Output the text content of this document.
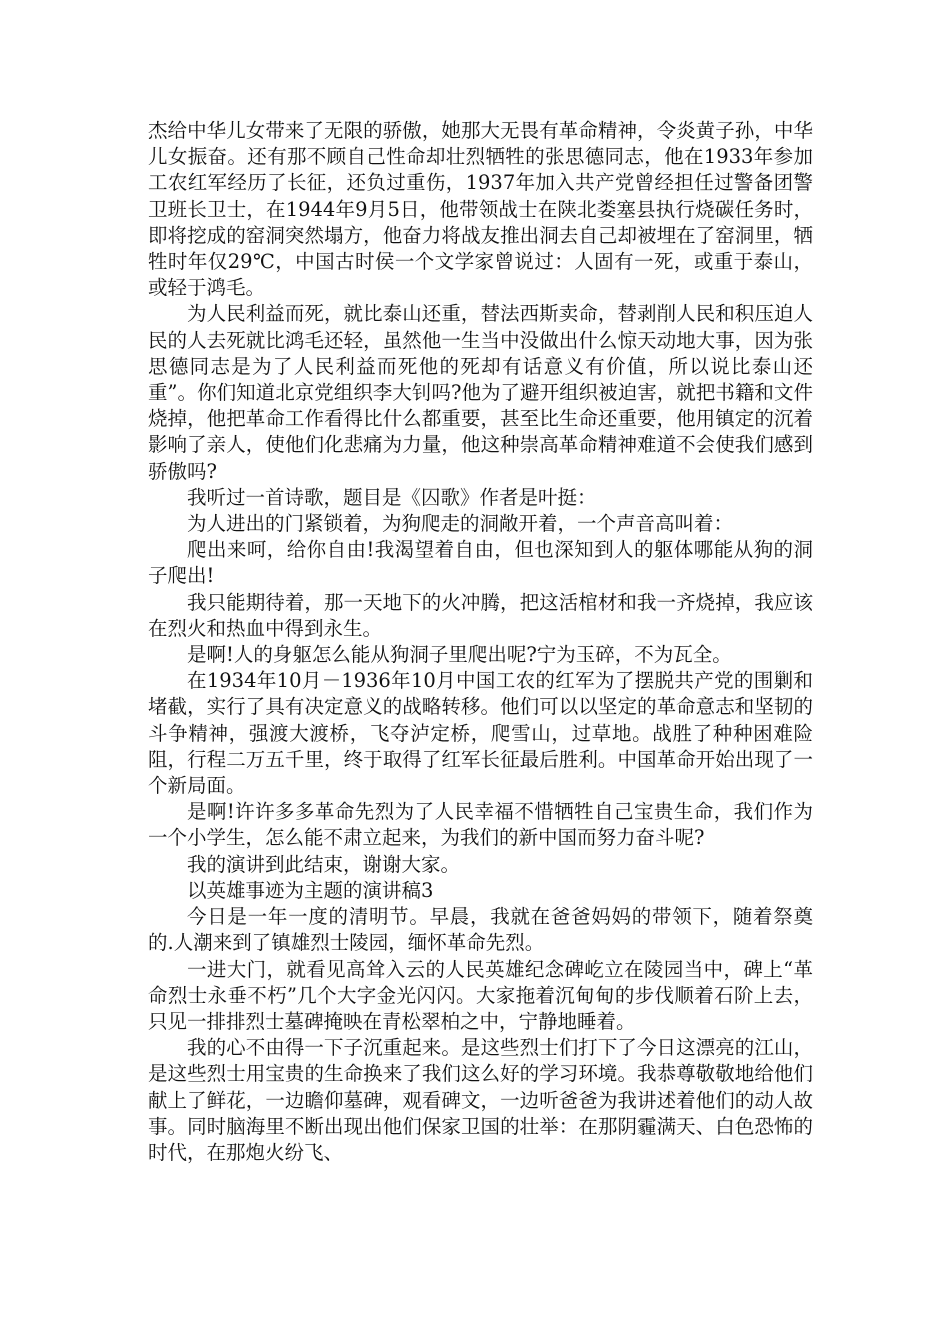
杰给中华儿女带来了无限的骄傲，她那大无畏有革命精神，令炎黄子孙，中华儿女振奋。还有那不顾自己性命却壮烈牺牲的张思德同志，他在1933年参加工农红军经历了长征，还负过重伤，1937年加入共产党曾经担任过警备团警卫班长卫士，在1944年9月5日，他带领战士在陕北娄塞县执行烧碳任务时，即将挖成的窑洞突然塌方，他奋力将战友推出洞去自己却被埋在了窑洞里，牺牲时年仅29℃，中国古时侯一个文学家曾说过：人固有一死，或重于泰山，或轻于鸿毛。

为人民利益而死，就比泰山还重，替法西斯卖命，替剥削人民和积压迫人民的人去死就比鸿毛还轻，虽然他一生当中没做出什么惊天动地大事，因为张思德同志是为了人民利益而死他的死却有话意义有价值，所以说比泰山还重”。你们知道北京党组织李大钊吗?他为了避开组织被迫害，就把书籍和文件烧掉，他把革命工作看得比什么都重要，甚至比生命还重要，他用镇定的沉着影响了亲人，使他们化悲痛为力量，他这种崇高革命精神难道不会使我们感到骄傲吗?

我听过一首诗歌，题目是《囚歌》作者是叶挺：

为人进出的门紧锁着，为狗爬走的洞敞开着，一个声音高叫着：

爬出来呵，给你自由!我渴望着自由，但也深知到人的躯体哪能从狗的洞子爬出!

我只能期待着，那一天地下的火冲腾，把这活棺材和我一齐烧掉，我应该在烈火和热血中得到永生。

是啊!人的身躯怎么能从狗洞子里爬出呢?宁为玉碎，不为瓦全。

在1934年10月－1936年10月中国工农的红军为了摆脱共产党的围剿和堵截，实行了具有决定意义的战略转移。他们可以以坚定的革命意志和坚韧的斗争精神，强渡大渡桥，飞夺泸定桥，爬雪山，过草地。战胜了种种困难险阻，行程二万五千里，终于取得了红军长征最后胜利。中国革命开始出现了一个新局面。

是啊!许许多多革命先烈为了人民幸福不惜牺牲自己宝贵生命，我们作为一个小学生，怎么能不肃立起来，为我们的新中国而努力奋斗呢?

我的演讲到此结束，谢谢大家。

以英雄事迹为主题的演讲稿3

今日是一年一度的清明节。早晨，我就在爸爸妈妈的带领下，随着祭奠的.人潮来到了镇雄烈士陵园，缅怀革命先烈。

一进大门，就看见高耸入云的人民英雄纪念碑屹立在陵园当中，碑上“革命烈士永垂不朽”几个大字金光闪闪。大家拖着沉甸甸的步伐顺着石阶上去，只见一排排烈士墓碑掩映在青松翠柏之中，宁静地睡着。

我的心不由得一下子沉重起来。是这些烈士们打下了今日这漂亮的江山，是这些烈士用宝贵的生命换来了我们这么好的学习环境。我恭尊敬敬地给他们献上了鲜花，一边瞻仰墓碑，观看碑文，一边听爸爸为我讲述着他们的动人故事。同时脑海里不断出现出他们保家卫国的壮举：在那阴霾满天、白色恐怖的时代，在那炮火纷飞、
